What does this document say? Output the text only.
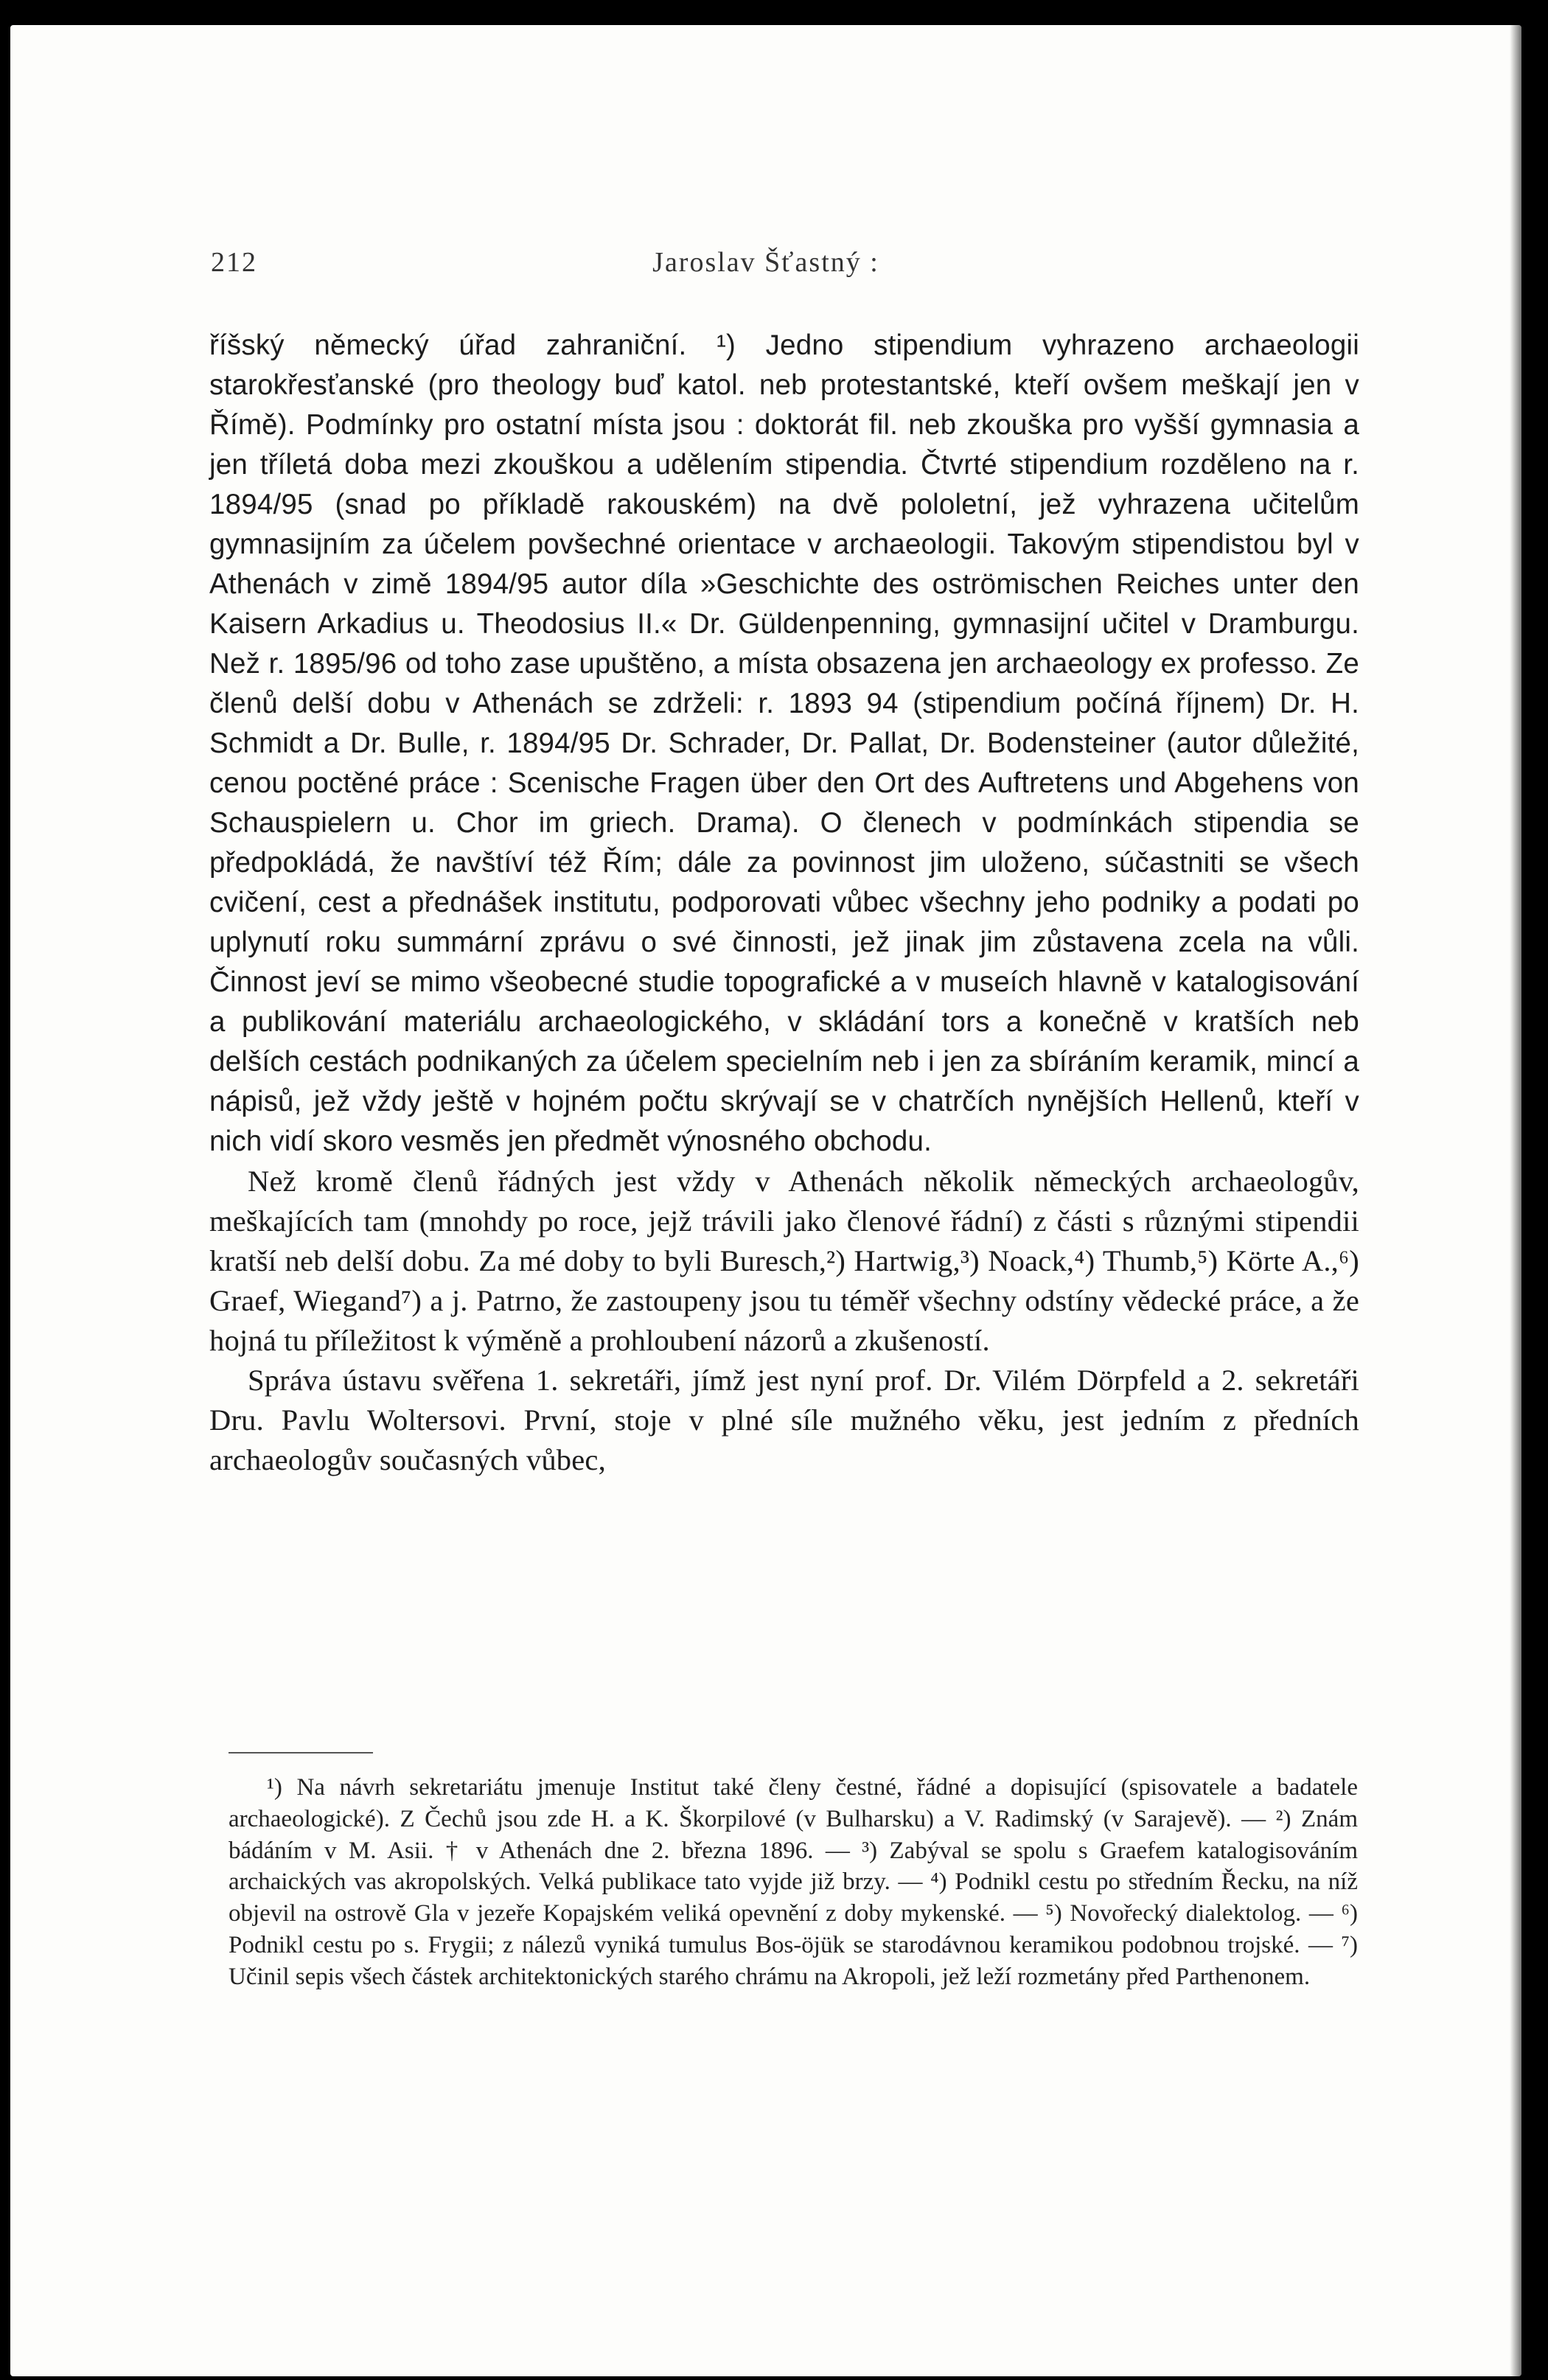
212	Jaroslav Šťastný :

říšský německý úřad zahraniční. ¹) Jedno stipendium vyhrazeno archaeologii starokřesťanské (pro theology buď katol. neb protestantské, kteří ovšem meškají jen v Římě). Podmínky pro ostatní místa jsou : doktorát fil. neb zkouška pro vyšší gymnasia a jen tříletá doba mezi zkouškou a udělením stipendia. Čtvrté stipendium rozděleno na r. 1894/95 (snad po příkladě rakouském) na dvě pololetní, jež vyhrazena učitelům gymnasijním za účelem povšechné orientace v archaeologii. Takovým stipendistou byl v Athenách v zimě 1894/95 autor díla »Geschichte des oströmischen Reiches unter den Kaisern Arkadius u. Theodosius II.« Dr. Güldenpenning, gymnasijní učitel v Dramburgu. Než r. 1895/96 od toho zase upuštěno, a místa obsazena jen archaeology ex professo. Ze členů delší dobu v Athenách se zdrželi: r. 1893 94 (stipendium počíná říjnem) Dr. H. Schmidt a Dr. Bulle, r. 1894/95 Dr. Schrader, Dr. Pallat, Dr. Bodensteiner (autor důležité, cenou poctěné práce : Scenische Fragen über den Ort des Auftretens und Abgehens von Schauspielern u. Chor im griech. Drama). O členech v podmínkách stipendia se předpokládá, že navštíví též Řím; dále za povinnost jim uloženo, súčastniti se všech cvičení, cest a přednášek institutu, podporovati vůbec všechny jeho podniky a podati po uplynutí roku summární zprávu o své činnosti, jež jinak jim zůstavena zcela na vůli. Činnost jeví se mimo všeobecné studie topografické a v museích hlavně v katalogisování a publikování materiálu archaeologického, v skládání tors a konečně v kratších neb delších cestách podnikaných za účelem specielním neb i jen za sbíráním keramik, mincí a nápisů, jež vždy ještě v hojném počtu skrývají se v chatrčích nynějších Hellenů, kteří v nich vidí skoro vesměs jen předmět výnosného obchodu.

Než kromě členů řádných jest vždy v Athenách několik německých archaeologův, meškajících tam (mnohdy po roce, jejž trávili jako členové řádní) z části s různými stipendii kratší neb delší dobu. Za mé doby to byli Buresch,²) Hartwig,³) Noack,⁴) Thumb,⁵) Körte A.,⁶) Graef, Wiegand⁷) a j. Patrno, že zastoupeny jsou tu téměř všechny odstíny vědecké práce, a že hojná tu příležitost k výměně a prohloubení názorů a zkušeností.

Správa ústavu svěřena 1. sekretáři, jímž jest nyní prof. Dr. Vilém Dörpfeld a 2. sekretáři Dru. Pavlu Woltersovi. První, stoje v plné síle mužného věku, jest jedním z předních archaeologův současných vůbec,

¹) Na návrh sekretariátu jmenuje Institut také členy čestné, řádné a dopisující (spisovatele a badatele archaeologické). Z Čechů jsou zde H. a K. Škorpilové (v Bulharsku) a V. Radimský (v Sarajevě). — ²) Znám bádáním v M. Asii. † v Athenách dne 2. března 1896. — ³) Zabýval se spolu s Graefem katalogisováním archaických vas akropolských. Velká publikace tato vyjde již brzy. — ⁴) Podnikl cestu po středním Řecku, na níž objevil na ostrově Gla v jezeře Kopajském veliká opevnění z doby mykenské. — ⁵) Novořecký dialektolog. — ⁶) Podnikl cestu po s. Frygii; z nálezů vyniká tumulus Bos-öjük se starodávnou keramikou podobnou trojské. — ⁷) Učinil sepis všech částek architektonických starého chrámu na Akropoli, jež leží rozmetány před Parthenonem.
